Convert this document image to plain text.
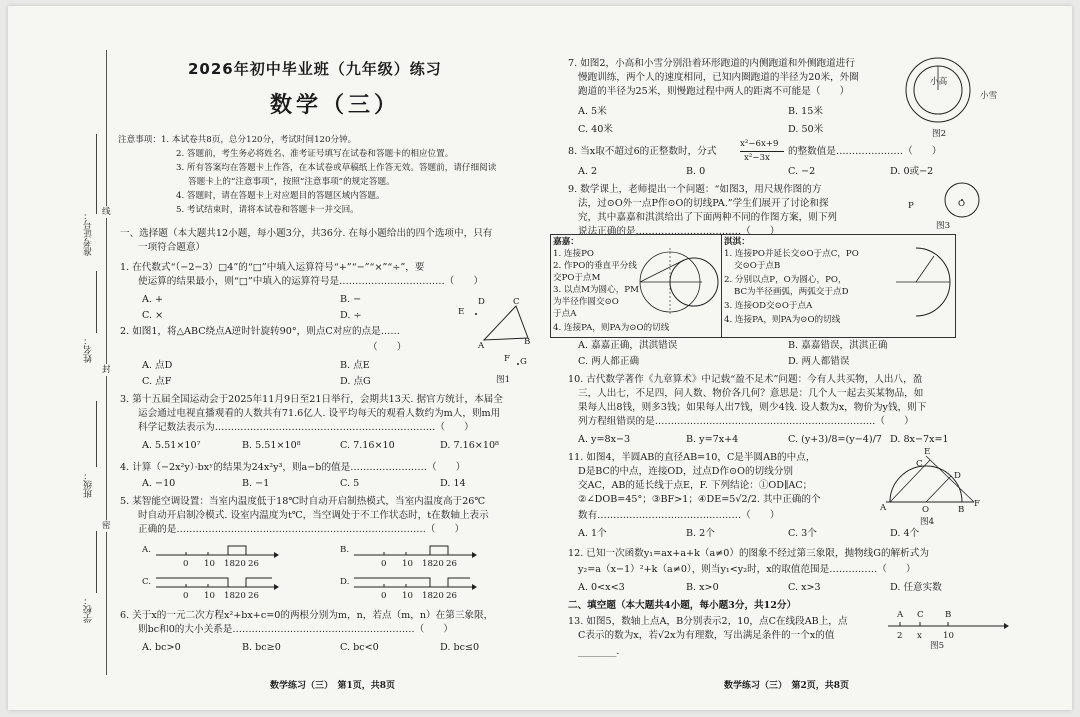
准考证号：
姓名：
班级：
学校：
线
封
密
2026年初中毕业班（九年级）练习
数学（三）
注意事项：1. 本试卷共8页，总分120分，考试时间120分钟。
2. 答题前，考生务必将姓名、准考证号填写在试卷和答题卡的相应位置。
3. 所有答案均在答题卡上作答，在本试卷或草稿纸上作答无效。答题前，请仔细阅读
答题卡上的“注意事项”，按照“注意事项”的规定答题。
4. 答题时，请在答题卡上对应题目的答题区域内答题。
5. 考试结束时，请将本试卷和答题卡一并交回。
一、选择题（本大题共12小题，每小题3分，共36分. 在每小题给出的四个选项中，只有
一项符合题意）
1. 在代数式“（−2−3）□4”的“□”中填入运算符号“+”“−”“×”“÷”，要
使运算的结果最小，则“□”中填入的运算符号是……………………………（　　）
A. +	B. −
C. ×	D. ÷
2. 如图1，将△ABC绕点A逆时针旋转90°，则点C对应的点是……
（　　）
A. 点D	B. 点E
C. 点F	D. 点G
E
D	C
A	B
F G
图1
3. 第十五届全国运动会于2025年11月9日至21日举行，会期共13天. 据官方统计，本届全
运会通过电视直播观看的人数共有71.6亿人. 设平均每天的观看人数约为m人，则m用
科学记数法表示为……………………………………………………………（　　）
A. 5.51×10⁷	B. 5.51×10⁸	C. 7.16×10	D. 7.16×10⁸
4. 计算（−2x²y）·bxʸ的结果为24x²y³，则a−b的值是……………………（　　）
A. −10	B. −1	C. 5	D. 14
5. 某智能空调设置：当室内温度低于18℃时自动开启制热模式，当室内温度高于26℃
时自动开启制冷模式. 设室内温度为t℃，当空调处于不工作状态时，t在数轴上表示
正确的是……………………………………………………………………（　　）
A.
0 10 1820 26
B.
0 10 1820 26
C.
0 10 1820 26
D.
0 10 1820 26
6. 关于x的一元二次方程x²+bx+c=0的两根分别为m，n，若点（m，n）在第三象限，
则bc和0的大小关系是…………………………………………………（　　）
A. bc>0	B. bc≥0	C. bc<0	D. bc≤0
数学练习（三）　第1页，共8页
7. 如图2，小高和小雪分别沿着环形跑道的内侧跑道和外侧跑道进行
慢跑训练，两个人的速度相同，已知内圈跑道的半径为20米，外圈
跑道的半径为25米，则慢跑过程中两人的距离不可能是（　　）
A. 5米	B. 15米
C. 40米	D. 50米
小高
小雪
图2
8. 当x取不超过6的正整数时，分式
x²−6x+9
x²−3x
的整数值是…………………（　　）
A. 2	B. 0	C. −2	D. 0或−2
9. 数学课上，老师提出一个问题：“如图3，用尺规作图的方
法，过⊙O外一点P作⊙O的切线PA.”学生们展开了讨论和探
究，其中嘉嘉和淇淇给出了下面两种不同的作图方案，则下列
说法正确的是……………………………（　　）
P	O
图3
嘉嘉：
1. 连接PO
2. 作PO的垂直平分线
交PO于点M
3. 以点M为圆心，PM
为半径作圆交⊙O
于点A
4. 连接PA，则PA为⊙O的切线
淇淇：
1. 连接PO并延长交⊙O于点C，PO
交⊙O于点B
2. 分别以点P，O为圆心，PO，
BC为半径画弧，两弧交于点D
3. 连接OD交⊙O于点A
4. 连接PA，则PA为⊙O的切线
A. 嘉嘉正确，淇淇错误	B. 嘉嘉错误，淇淇正确
C. 两人都正确	D. 两人都错误
10. 古代数学著作《九章算术》中记载“盈不足术”问题：今有人共买物，人出八，盈
三，人出七，不足四，问人数、物价各几何？意思是：几个人一起去买某物品，如
果每人出8钱，则多3钱；如果每人出7钱，则少4钱. 设人数为x，物价为y钱，则下
列方程组错误的是……………………………………………………………（　　）
A. y=8x−3	B. y=7x+4	C. (y+3)/8=(y−4)/7 D. 8x−7x=1
11. 如图4，半圆AB的直径AB=10，C是半圆AB的中点，
D是BC的中点，连接OD，过点D作⊙O的切线分别
交AC，AB的延长线于点E，F. 下列结论：①OD∥AC；
②∠DOB=45°；③BF>1；④DE=5√2/2. 其中正确的个
数有………………………………………（　　）
A. 1个	B. 2个	C. 3个	D. 4个
E
C
D
A	O	B
F
图4
12. 已知一次函数y₁=ax+a+k（a≠0）的图象不经过第三象限，抛物线G的解析式为
y₂=a（x−1）²+k（a≠0），则当y₁<y₂时，x的取值范围是……………（　　）
A. 0<x<3	B. x>0	C. x>3	D. 任意实数
二、填空题（本大题共4小题，每小题3分，共12分）
13. 如图5，数轴上点A，B分别表示2，10，点C在线段AB上，点
C表示的数为x，若√2x为有理数，写出满足条件的一个x的值
________.
A C B
2 x 10
图5
数学练习（三）　第2页，共8页
